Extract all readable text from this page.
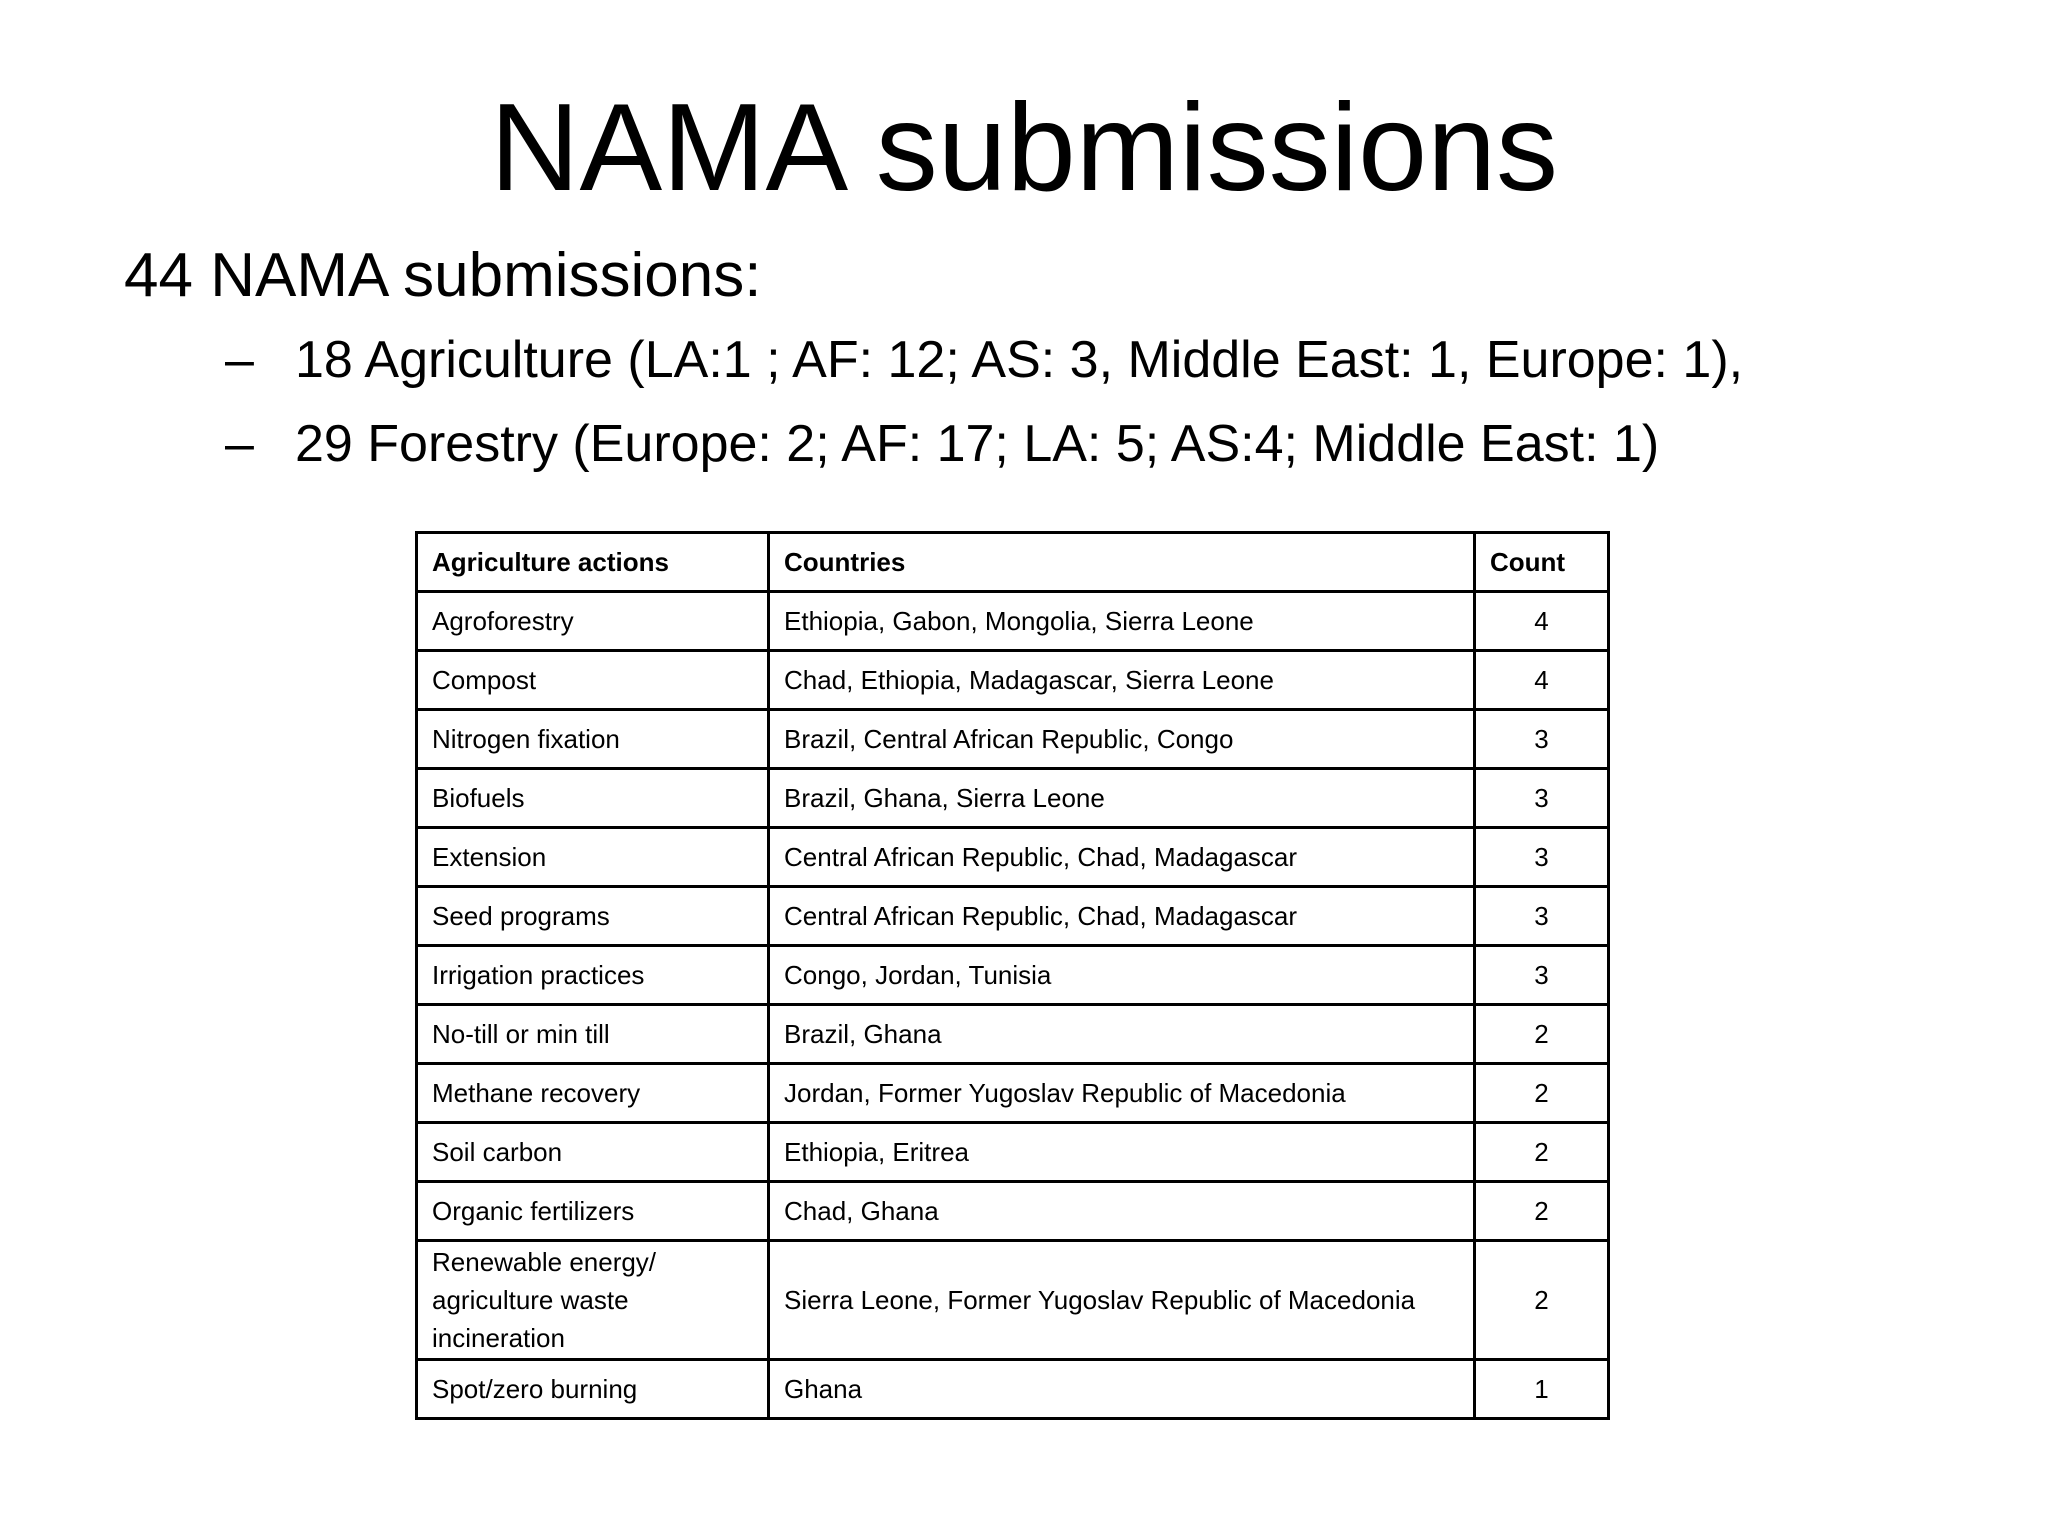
NAMA submissions

44 NAMA submissions:

– 18 Agriculture (LA:1 ; AF: 12; AS: 3, Middle East: 1, Europe: 1),
– 29 Forestry (Europe: 2; AF: 17; LA: 5; AS:4; Middle East: 1)
Agriculture actions	Countries	Count
Agroforestry	Ethiopia, Gabon, Mongolia, Sierra Leone	4
Compost	Chad, Ethiopia, Madagascar, Sierra Leone	4
Nitrogen fixation	Brazil, Central African Republic, Congo	3
Biofuels	Brazil, Ghana, Sierra Leone	3
Extension	Central African Republic, Chad, Madagascar	3
Seed programs	Central African Republic, Chad, Madagascar	3
Irrigation practices	Congo, Jordan, Tunisia	3
No-till or min till	Brazil, Ghana	2
Methane recovery	Jordan, Former Yugoslav Republic of Macedonia	2
Soil carbon	Ethiopia, Eritrea	2
Organic fertilizers	Chad, Ghana	2
Renewable energy/ agriculture waste incineration	Sierra Leone, Former Yugoslav Republic of Macedonia	2
Spot/zero burning	Ghana	1
